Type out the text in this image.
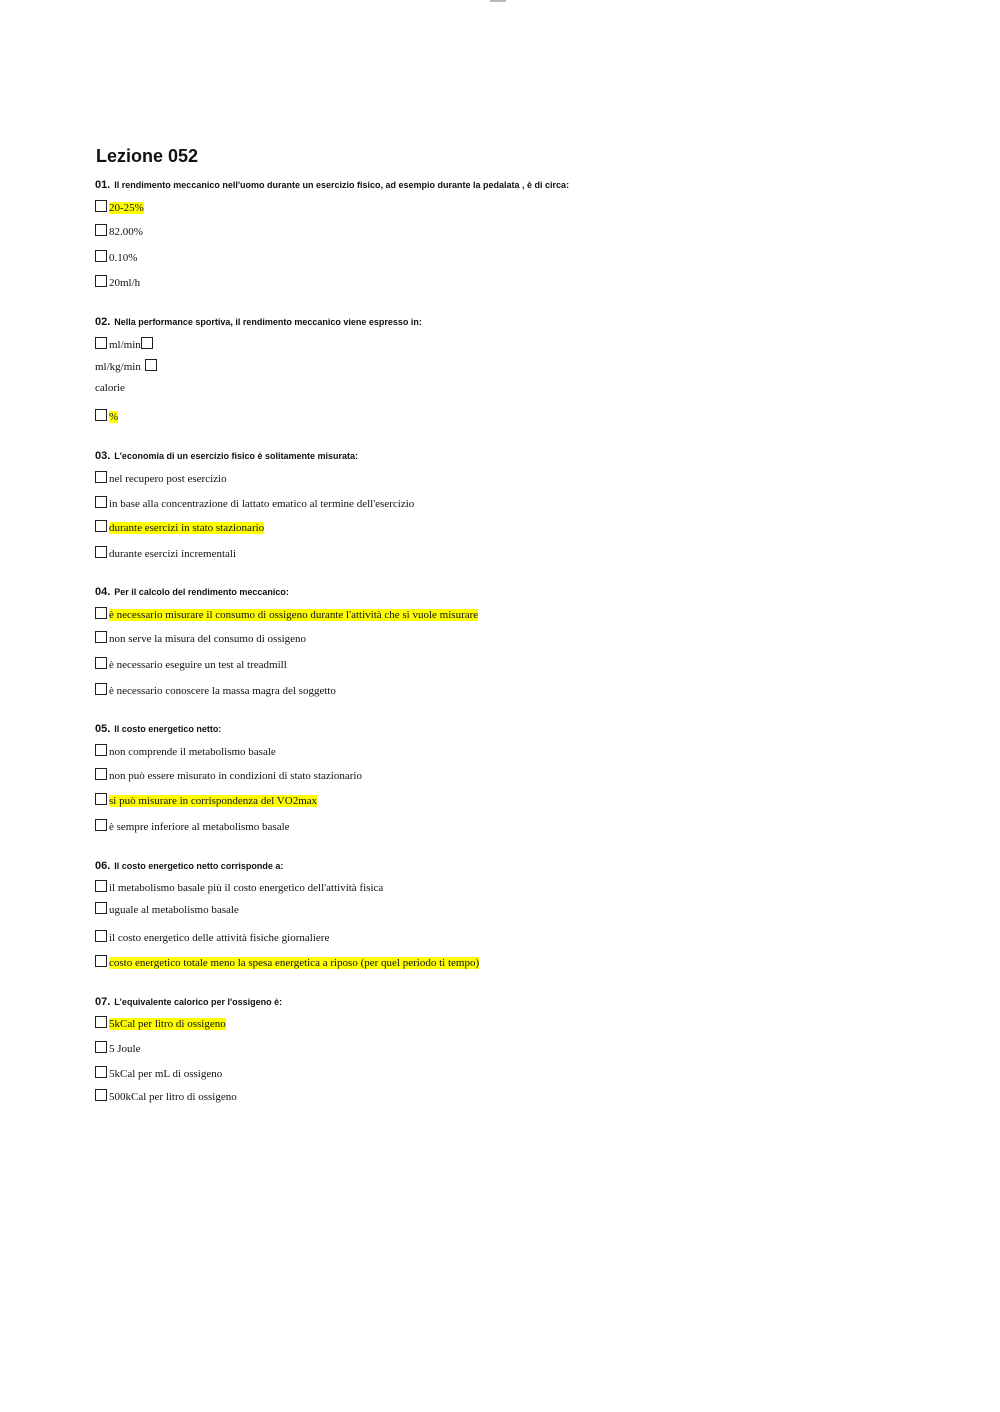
Lezione 052
01. Il rendimento meccanico nell'uomo durante un esercizio fisico, ad esempio durante la pedalata , è di circa:
20-25%
82.00%
0.10%
20ml/h
02. Nella performance sportiva, il rendimento meccanico viene espresso in:
ml/min
ml/kg/min
calorie
%
03. L'economia di un esercizio fisico è solitamente misurata:
nel recupero post esercizio
in base alla concentrazione di lattato ematico al termine dell'esercizio
durante esercizi in stato stazionario
durante esercizi incrementali
04. Per il calcolo del rendimento meccanico:
è necessario misurare il consumo di ossigeno durante l'attività che si vuole misurare
non serve la misura del consumo di ossigeno
è necessario eseguire un test al treadmill
è necessario conoscere la massa magra del soggetto
05. Il costo energetico netto:
non comprende il metabolismo basale
non può essere misurato in condizioni di stato stazionario
si può misurare in corrispondenza del VO2max
è sempre inferiore al metabolismo basale
06. Il costo energetico netto corrisponde a:
il metabolismo basale più il costo energetico dell'attività fisica
uguale al metabolismo basale
il costo energetico delle attività fisiche giornaliere
costo energetico totale meno la spesa energetica a riposo (per quel periodo ti tempo)
07. L'equivalente calorico per l'ossigeno è:
5kCal per litro di ossigeno
5 Joule
5kCal per mL di ossigeno
500kCal per litro di ossigeno
